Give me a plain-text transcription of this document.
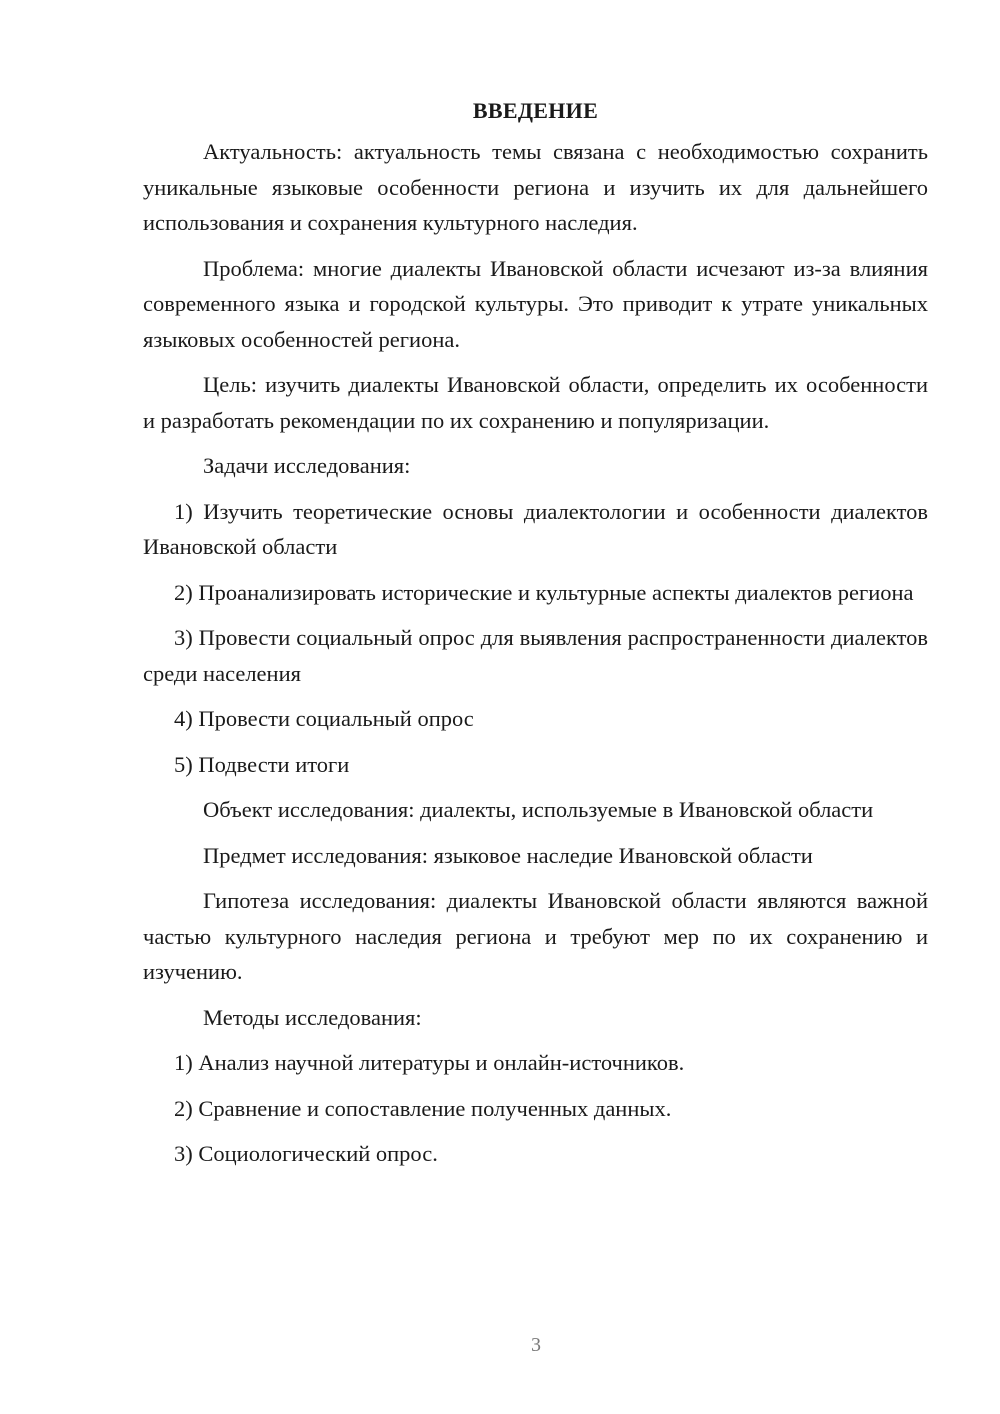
ВВЕДЕНИЕ
Актуальность: актуальность темы связана с необходимостью сохранить уникальные языковые особенности региона и изучить их для дальнейшего использования и сохранения культурного наследия.
Проблема: многие диалекты Ивановской области исчезают из-за влияния современного языка и городской культуры. Это приводит к утрате уникальных языковых особенностей региона.
Цель: изучить диалекты Ивановской области, определить их особенности и разработать рекомендации по их сохранению и популяризации.
Задачи исследования:
1) Изучить теоретические основы диалектологии и особенности диалектов Ивановской области
2) Проанализировать исторические и культурные аспекты диалектов региона
3) Провести социальный опрос для выявления распространенности диалектов среди населения
4) Провести социальный опрос
5) Подвести итоги
Объект исследования: диалекты, используемые в Ивановской области
Предмет исследования: языковое наследие Ивановской области
Гипотеза исследования: диалекты Ивановской области являются важной частью культурного наследия региона и требуют мер по их сохранению и изучению.
Методы исследования:
1) Анализ научной литературы и онлайн-источников.
2) Сравнение и сопоставление полученных данных.
3) Социологический опрос.
3
